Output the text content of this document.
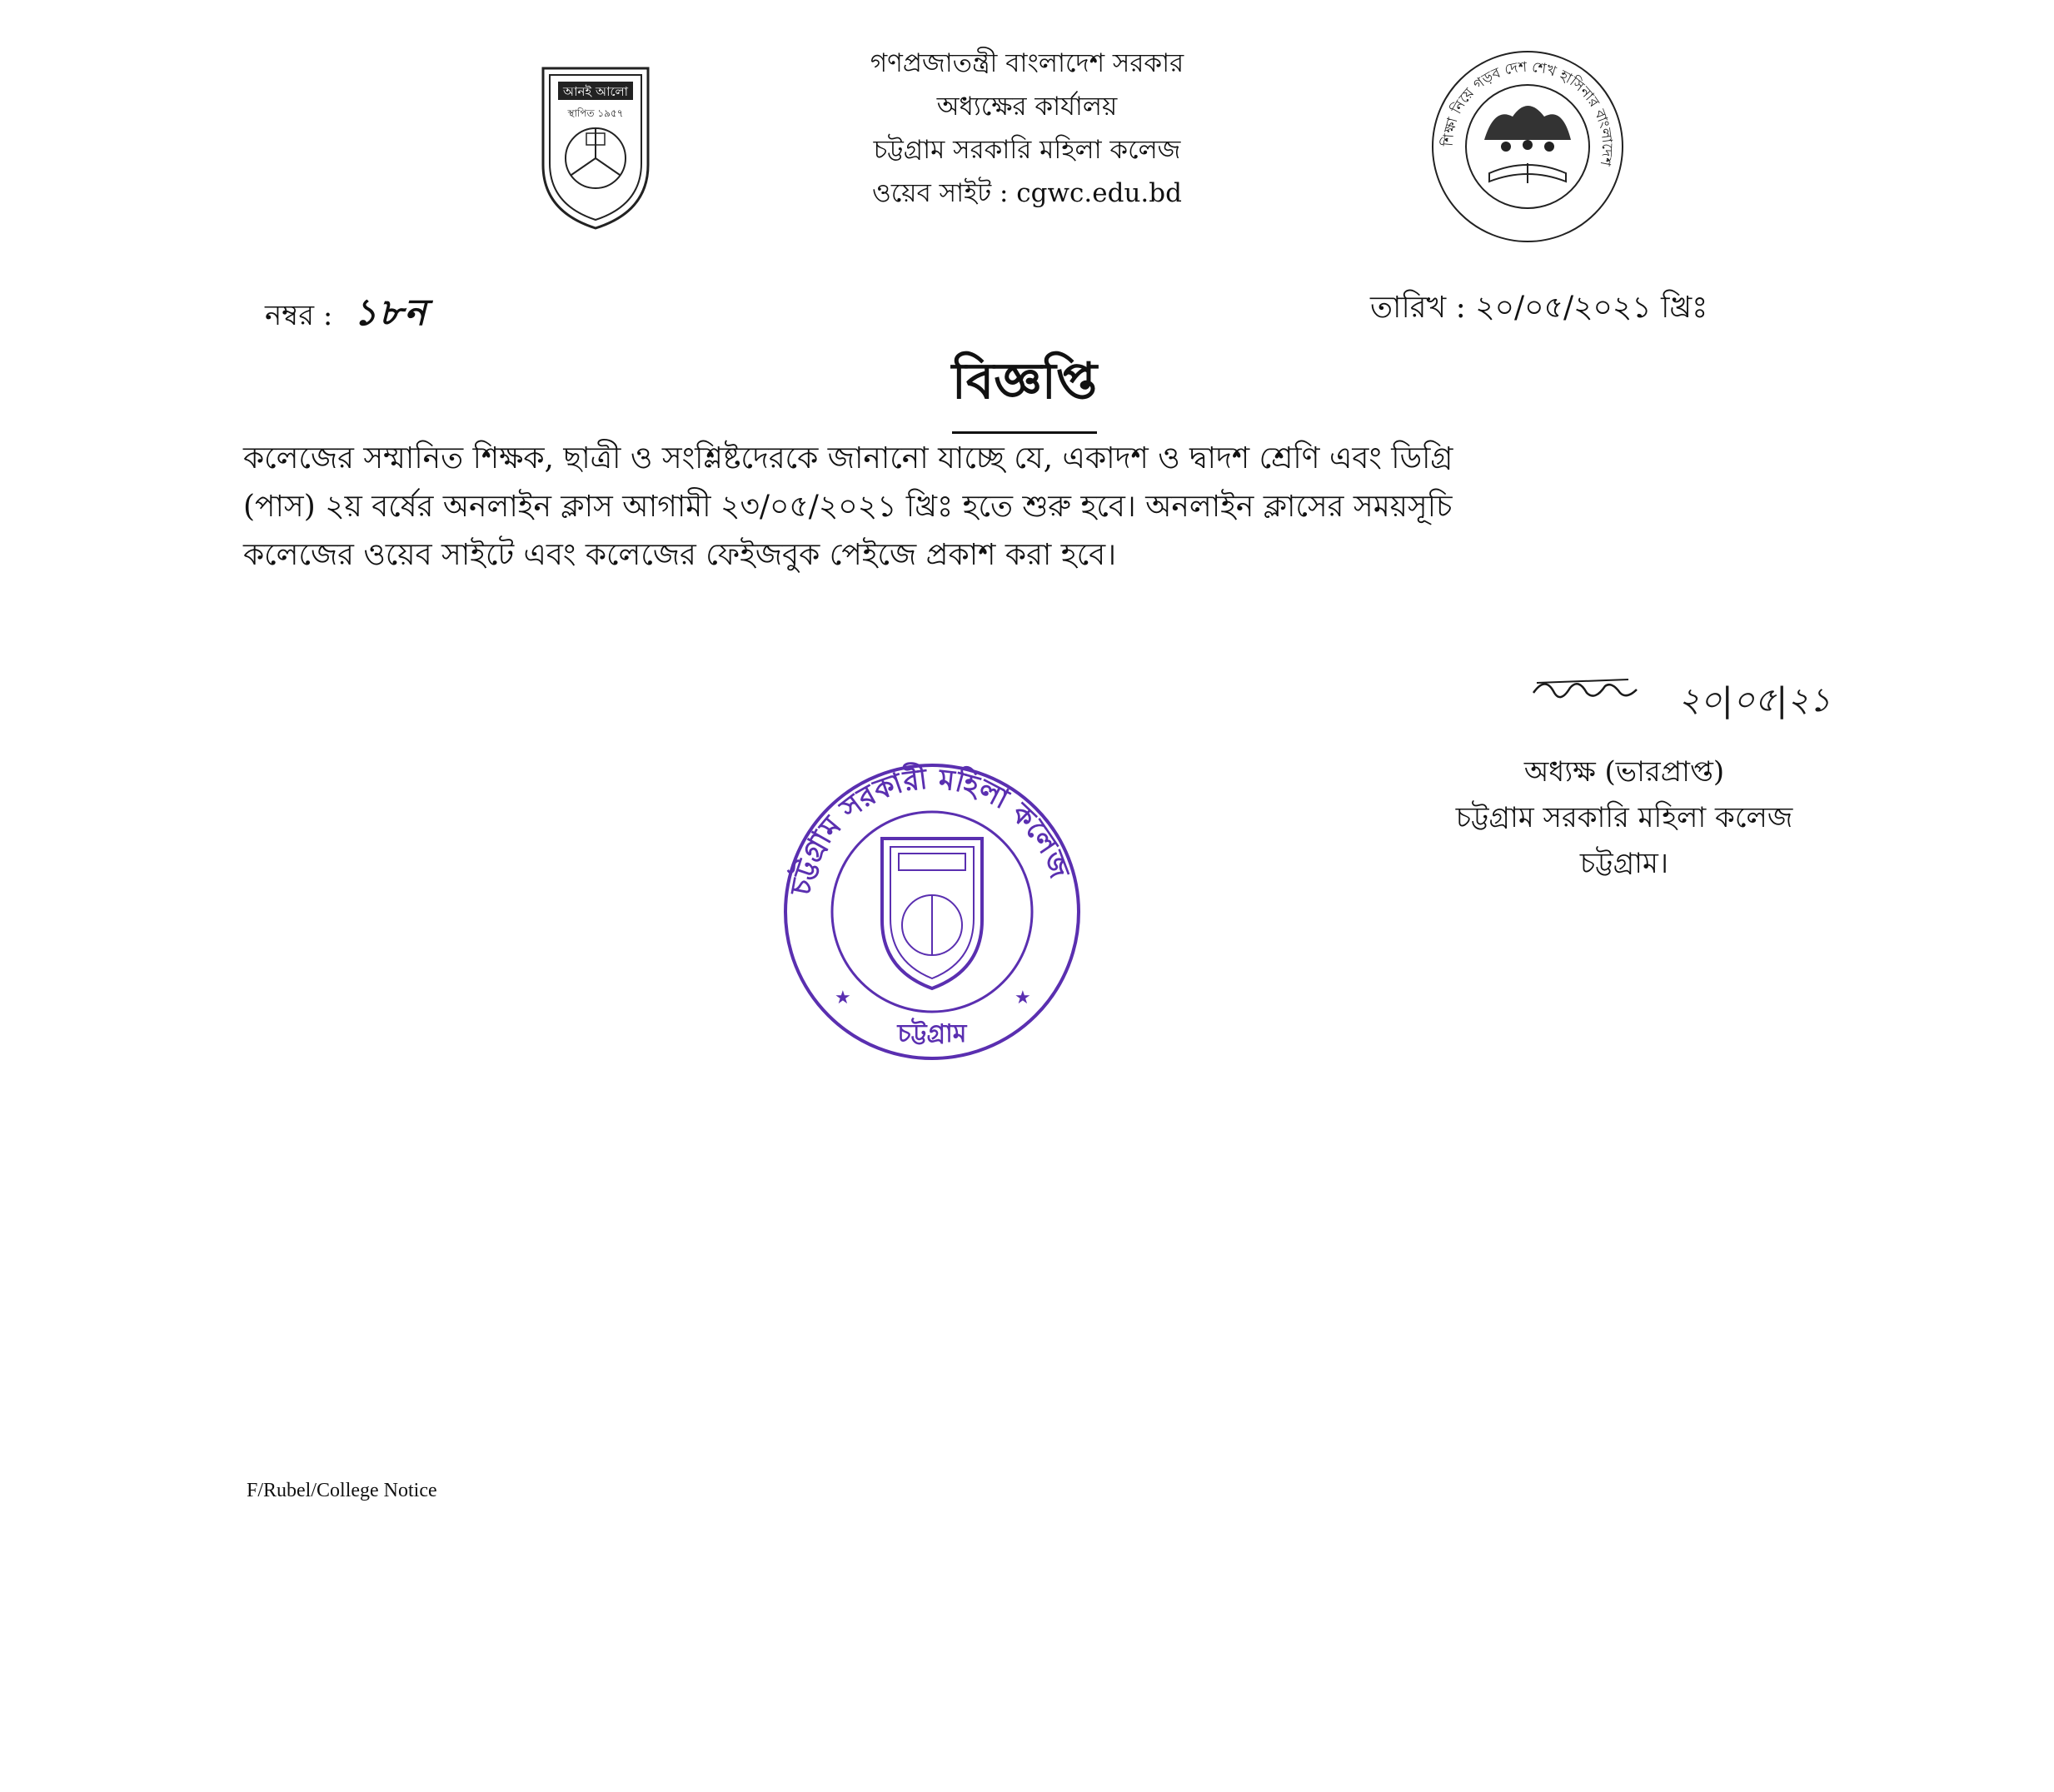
গণপ্রজাতন্ত্রী বাংলাদেশ সরকার
অধ্যক্ষের কার্যালয়
চট্টগ্রাম সরকারি মহিলা কলেজ
ওয়েব সাইট : cgwc.edu.bd
আনই আলো
স্থাপিত ১৯৫৭
শিক্ষা নিয়ে গড়ব দেশ শেখ হাসিনার বাংলাদেশ
নম্বর : ১৮ন	তারিখ : ২০/০৫/২০২১ খ্রিঃ
বিজ্ঞপ্তি
কলেজের সম্মানিত শিক্ষক, ছাত্রী ও সংশ্লিষ্টদেরকে জানানো যাচ্ছে যে, একাদশ ও দ্বাদশ শ্রেণি এবং ডিগ্রি
(পাস) ২য় বর্ষের অনলাইন ক্লাস আগামী ২৩/০৫/২০২১ খ্রিঃ হতে শুরু হবে। অনলাইন ক্লাসের সময়সূচি
কলেজের ওয়েব সাইটে এবং কলেজের ফেইজবুক পেইজে প্রকাশ করা হবে।
২০|০৫|২১
অধ্যক্ষ (ভারপ্রাপ্ত)
চট্টগ্রাম সরকারি মহিলা কলেজ
চট্টগ্রাম।
চট্টগ্রাম সরকারী মহিলা কলেজ
চট্টগ্রাম
★	★
F/Rubel/College Notice
